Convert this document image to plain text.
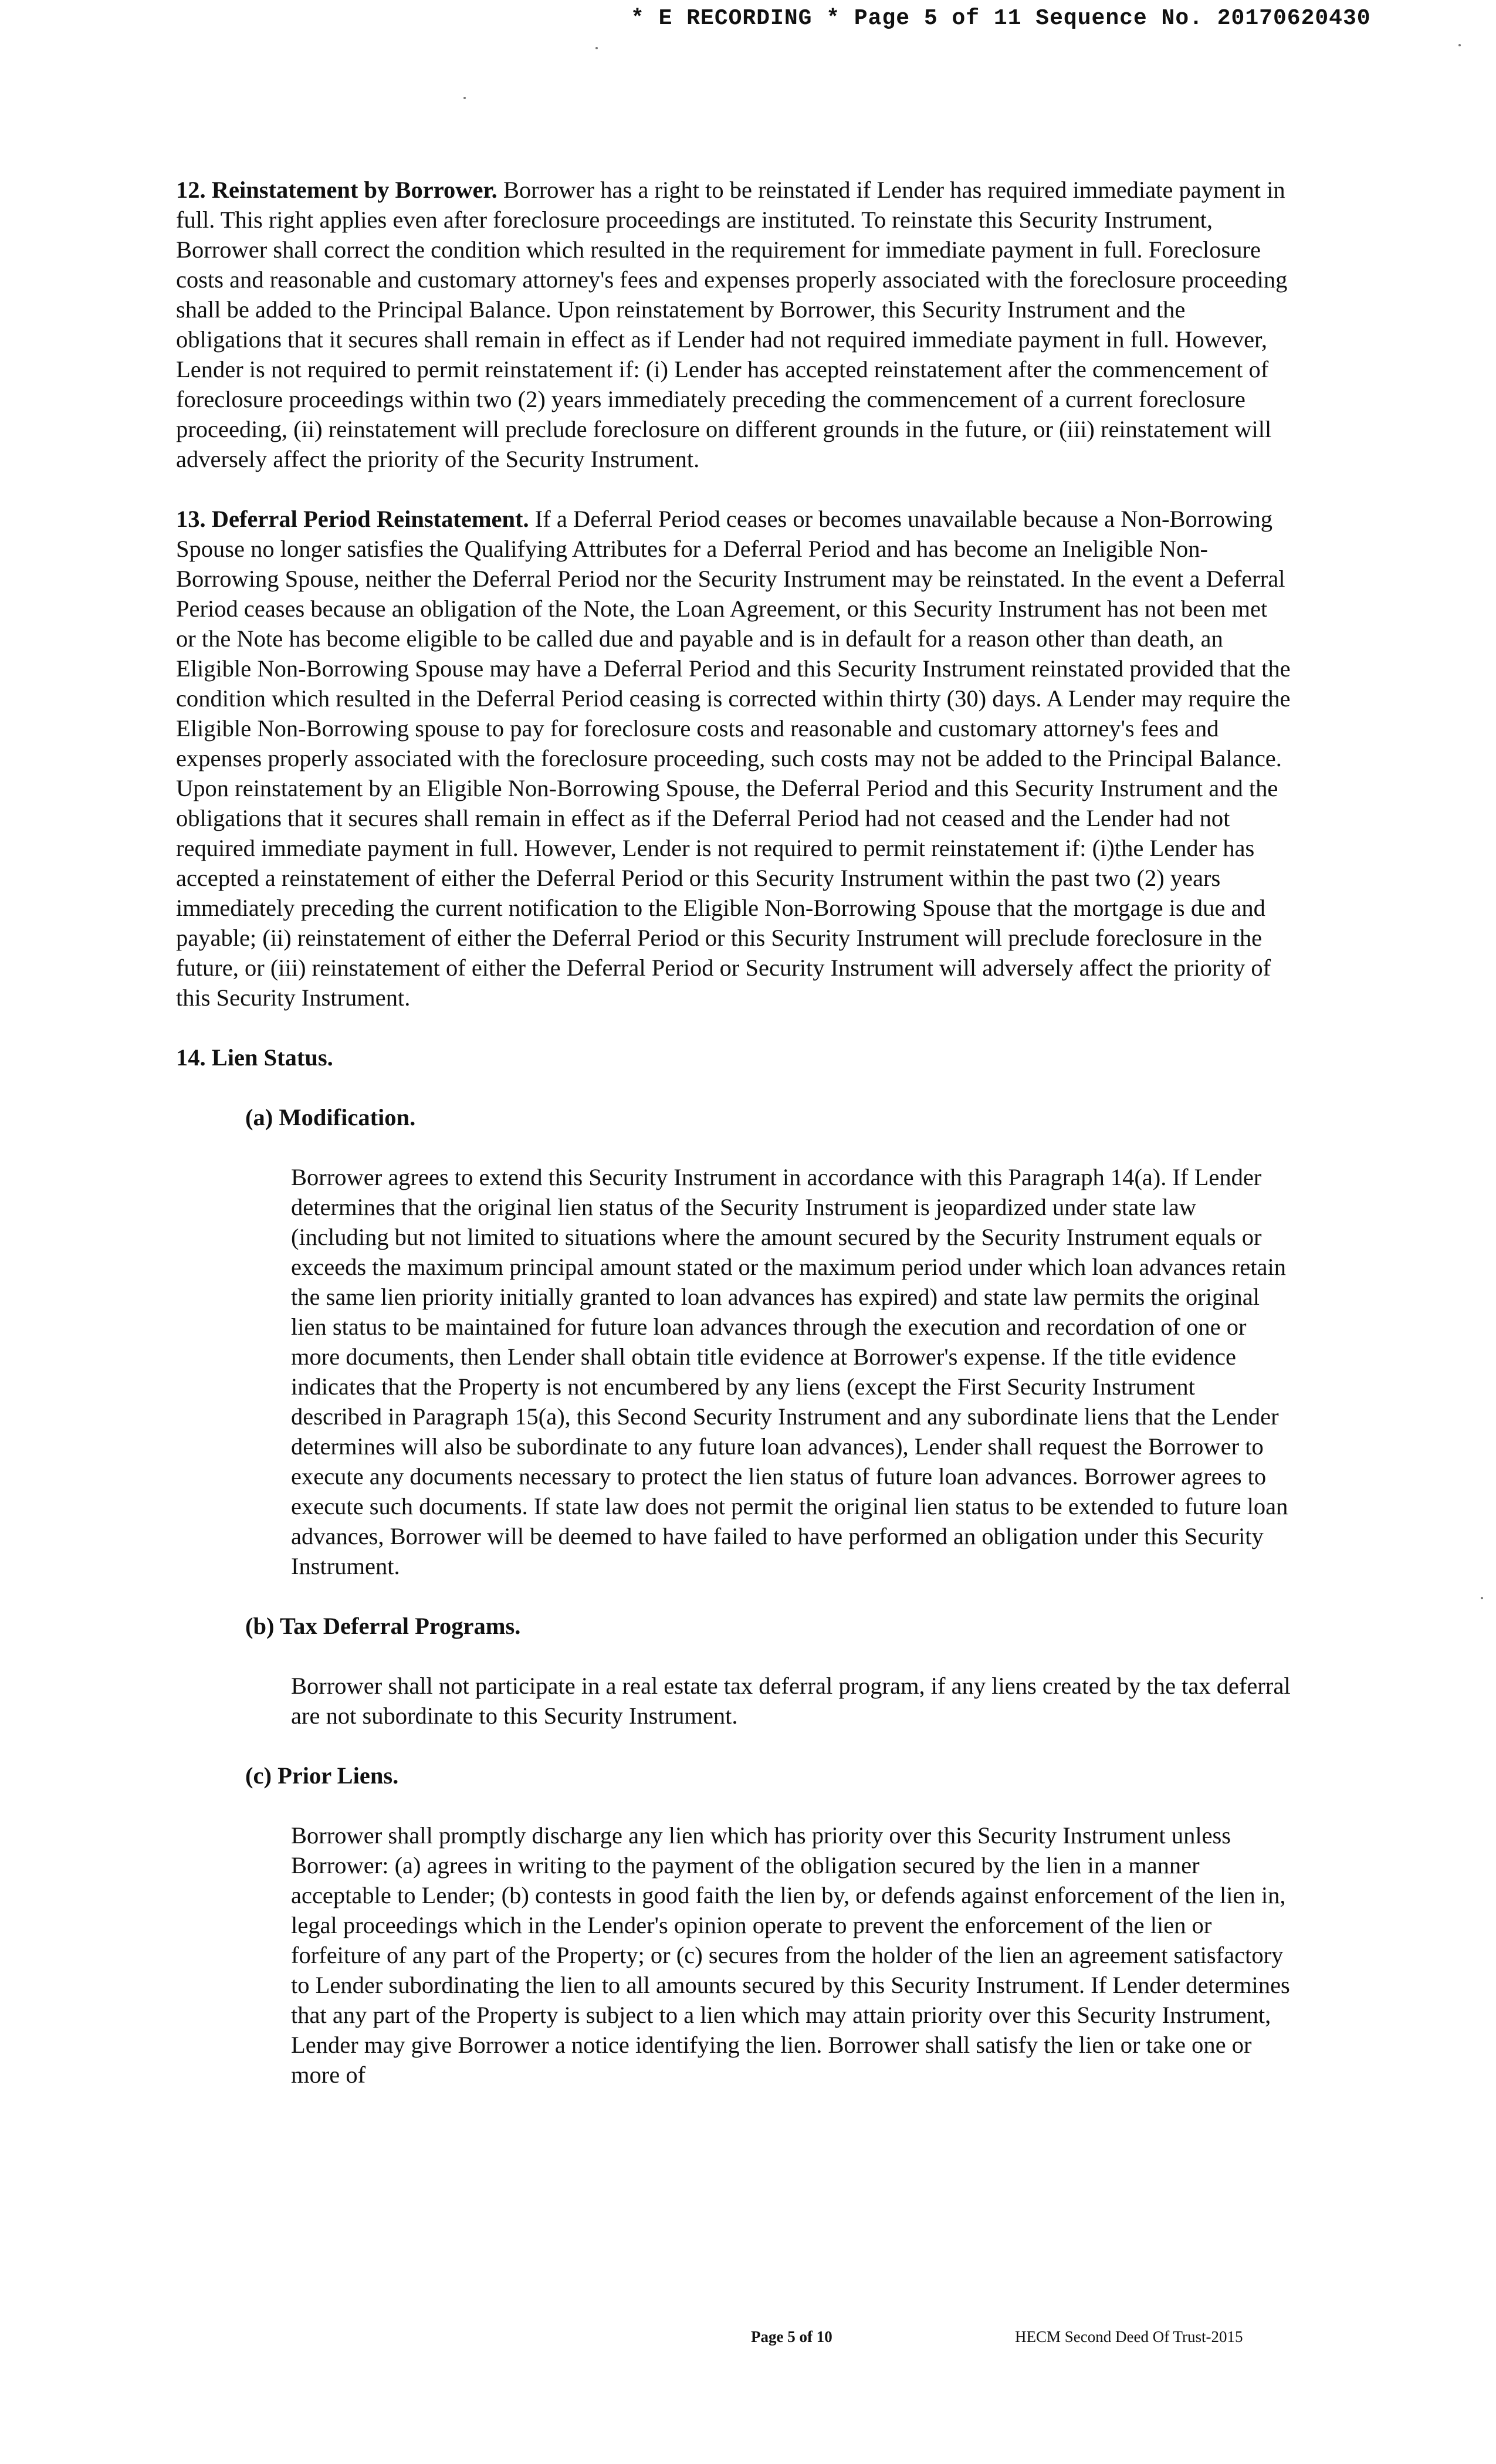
* E RECORDING * Page 5 of 11 Sequence No. 20170620430

12. Reinstatement by Borrower. Borrower has a right to be reinstated if Lender has required immediate payment in full. This right applies even after foreclosure proceedings are instituted. To reinstate this Security Instrument, Borrower shall correct the condition which resulted in the requirement for immediate payment in full. Foreclosure costs and reasonable and customary attorney's fees and expenses properly associated with the foreclosure proceeding shall be added to the Principal Balance. Upon reinstatement by Borrower, this Security Instrument and the obligations that it secures shall remain in effect as if Lender had not required immediate payment in full. However, Lender is not required to permit reinstatement if: (i) Lender has accepted reinstatement after the commencement of foreclosure proceedings within two (2) years immediately preceding the commencement of a current foreclosure proceeding, (ii) reinstatement will preclude foreclosure on different grounds in the future, or (iii) reinstatement will adversely affect the priority of the Security Instrument.

13. Deferral Period Reinstatement. If a Deferral Period ceases or becomes unavailable because a Non-Borrowing Spouse no longer satisfies the Qualifying Attributes for a Deferral Period and has become an Ineligible Non-Borrowing Spouse, neither the Deferral Period nor the Security Instrument may be reinstated. In the event a Deferral Period ceases because an obligation of the Note, the Loan Agreement, or this Security Instrument has not been met or the Note has become eligible to be called due and payable and is in default for a reason other than death, an Eligible Non-Borrowing Spouse may have a Deferral Period and this Security Instrument reinstated provided that the condition which resulted in the Deferral Period ceasing is corrected within thirty (30) days. A Lender may require the Eligible Non-Borrowing spouse to pay for foreclosure costs and reasonable and customary attorney's fees and expenses properly associated with the foreclosure proceeding, such costs may not be added to the Principal Balance. Upon reinstatement by an Eligible Non-Borrowing Spouse, the Deferral Period and this Security Instrument and the obligations that it secures shall remain in effect as if the Deferral Period had not ceased and the Lender had not required immediate payment in full. However, Lender is not required to permit reinstatement if: (i)the Lender has accepted a reinstatement of either the Deferral Period or this Security Instrument within the past two (2) years immediately preceding the current notification to the Eligible Non-Borrowing Spouse that the mortgage is due and payable; (ii) reinstatement of either the Deferral Period or this Security Instrument will preclude foreclosure in the future, or (iii) reinstatement of either the Deferral Period or Security Instrument will adversely affect the priority of this Security Instrument.

14. Lien Status.
(a) Modification.

Borrower agrees to extend this Security Instrument in accordance with this Paragraph 14(a). If Lender determines that the original lien status of the Security Instrument is jeopardized under state law (including but not limited to situations where the amount secured by the Security Instrument equals or exceeds the maximum principal amount stated or the maximum period under which loan advances retain the same lien priority initially granted to loan advances has expired) and state law permits the original lien status to be maintained for future loan advances through the execution and recordation of one or more documents, then Lender shall obtain title evidence at Borrower's expense. If the title evidence indicates that the Property is not encumbered by any liens (except the First Security Instrument described in Paragraph 15(a), this Second Security Instrument and any subordinate liens that the Lender determines will also be subordinate to any future loan advances), Lender shall request the Borrower to execute any documents necessary to protect the lien status of future loan advances. Borrower agrees to execute such documents. If state law does not permit the original lien status to be extended to future loan advances, Borrower will be deemed to have failed to have performed an obligation under this Security Instrument.

(b) Tax Deferral Programs.

Borrower shall not participate in a real estate tax deferral program, if any liens created by the tax deferral are not subordinate to this Security Instrument.

(c) Prior Liens.

Borrower shall promptly discharge any lien which has priority over this Security Instrument unless Borrower: (a) agrees in writing to the payment of the obligation secured by the lien in a manner acceptable to Lender; (b) contests in good faith the lien by, or defends against enforcement of the lien in, legal proceedings which in the Lender's opinion operate to prevent the enforcement of the lien or forfeiture of any part of the Property; or (c) secures from the holder of the lien an agreement satisfactory to Lender subordinating the lien to all amounts secured by this Security Instrument. If Lender determines that any part of the Property is subject to a lien which may attain priority over this Security Instrument, Lender may give Borrower a notice identifying the lien. Borrower shall satisfy the lien or take one or more of

Page 5 of 10	HECM Second Deed Of Trust-2015
